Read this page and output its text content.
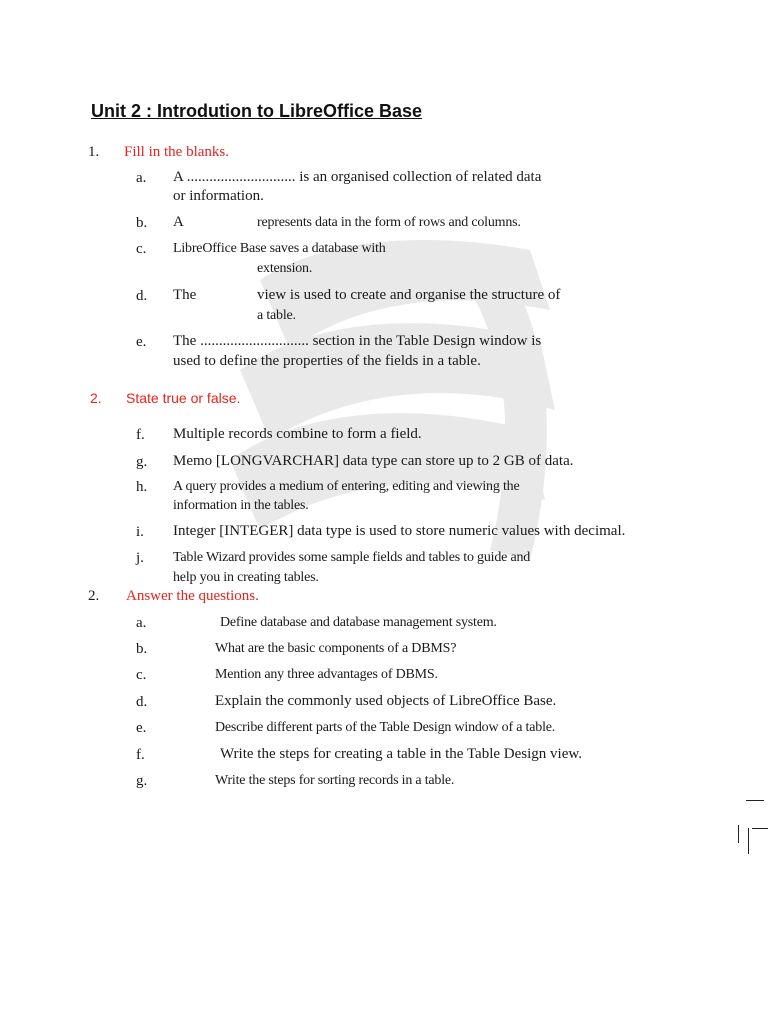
Unit 2 : Introdution to LibreOffice Base
1. Fill in the blanks.
a. A ............................. is an organised collection of related data
or information.
b. A	represents data in the form of rows and columns.
c. LibreOffice Base saves a database with
extension.
d. The	view is used to create and organise the structure of
a table.
e. The ............................. section in the Table Design window is
used to define the properties of the fields in a table.
2. State true or false.
f. Multiple records combine to form a field.
g. Memo [LONGVARCHAR] data type can store up to 2 GB of data.
h. A query provides a medium of entering, editing and viewing the
information in the tables.
i. Integer [INTEGER] data type is used to store numeric values with decimal.
j. Table Wizard provides some sample fields and tables to guide and
help you in creating tables.
2. Answer the questions.
a.	Define database and database management system.
b.	What are the basic components of a DBMS?
c.	Mention any three advantages of DBMS.
d.	Explain the commonly used objects of LibreOffice Base.
e.	Describe different parts of the Table Design window of a table.
f.	Write the steps for creating a table in the Table Design view.
g.	Write the steps for sorting records in a table.
